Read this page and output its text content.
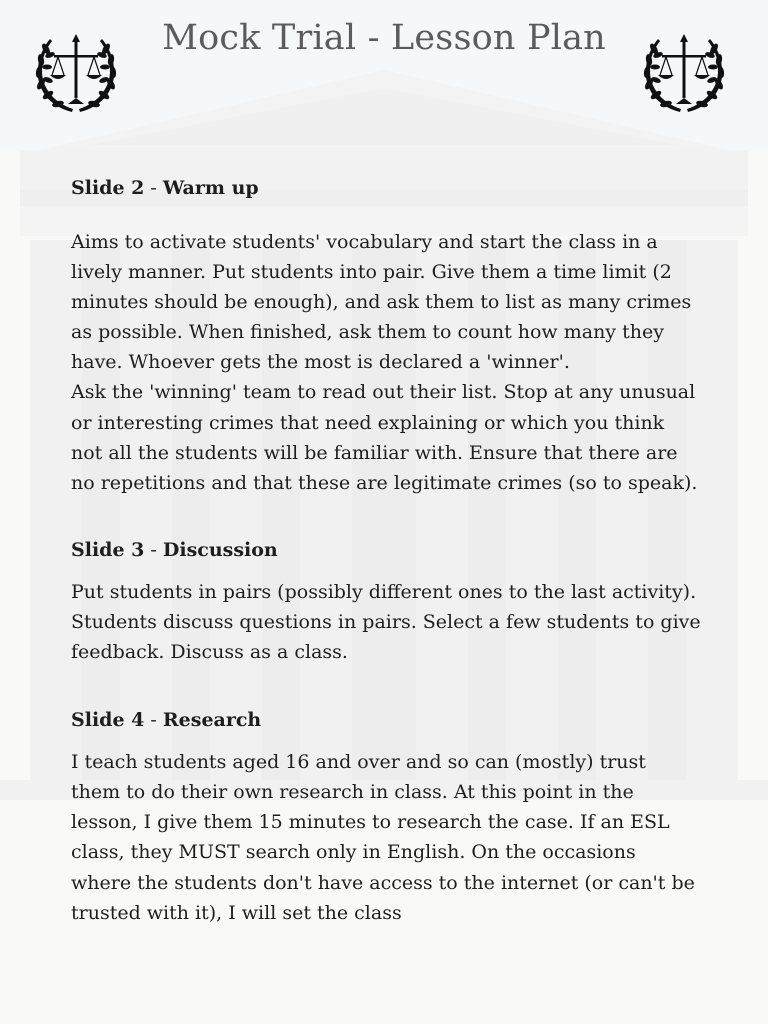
Mock Trial - Lesson Plan
Slide 2 - Warm up

Aims to activate students' vocabulary and start the class in a lively manner. Put students into pair. Give them a time limit (2 minutes should be enough), and ask them to list as many crimes as possible. When finished, ask them to count how many they have. Whoever gets the most is declared a 'winner'.

Ask the 'winning' team to read out their list. Stop at any unusual or interesting crimes that need explaining or which you think not all the students will be familiar with. Ensure that there are no repetitions and that these are legitimate crimes (so to speak).

Slide 3 - Discussion

Put students in pairs (possibly different ones to the last activity). Students discuss questions in pairs. Select a few students to give feedback. Discuss as a class.

Slide 4 - Research

I teach students aged 16 and over and so can (mostly) trust them to do their own research in class. At this point in the lesson, I give them 15 minutes to research the case. If an ESL class, they MUST search only in English. On the occasions where the students don't have access to the internet (or can't be trusted with it), I will set the class
